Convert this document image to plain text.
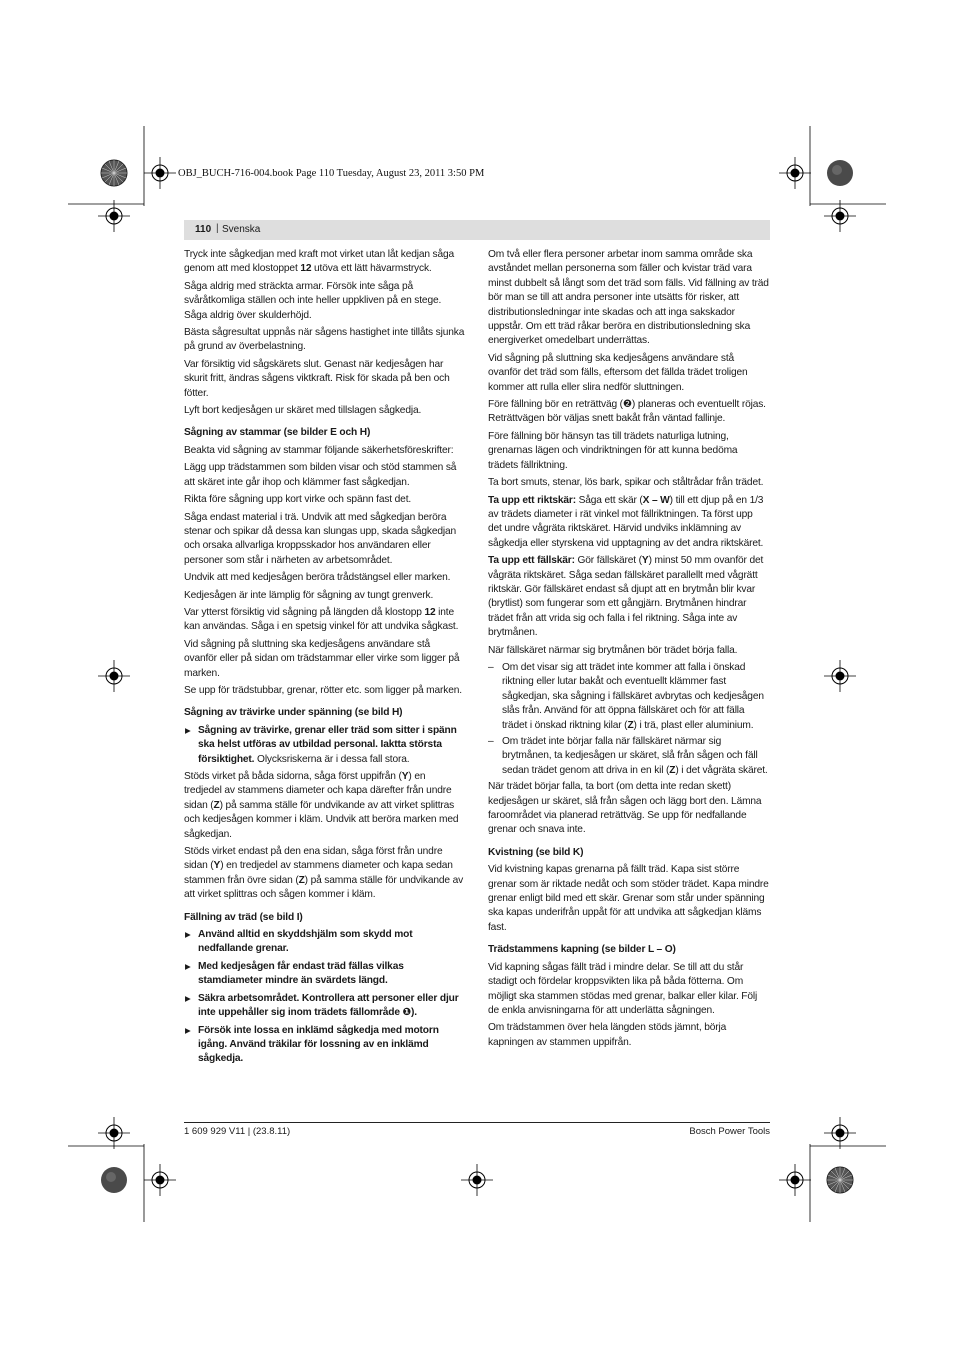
OBJ_BUCH-716-004.book Page 110 Tuesday, August 23, 2011 3:50 PM
110 | Svenska

Tryck inte sågkedjan med kraft mot virket utan låt kedjan såga genom att med klostoppet 12 utöva ett lätt hävarmstryck.

Såga aldrig med sträckta armar. Försök inte såga på svåråtkomliga ställen och inte heller uppkliven på en stege. Såga aldrig över skulderhöjd.

Bästa sågresultat uppnås när sågens hastighet inte tillåts sjunka på grund av överbelastning.

Var försiktig vid sågskärets slut. Genast när kedjesågen har skurit fritt, ändras sågens viktkraft. Risk för skada på ben och fötter.

Lyft bort kedjesågen ur skäret med tillslagen sågkedja.

Sågning av stammar (se bilder E och H)

Beakta vid sågning av stammar följande säkerhetsföreskrifter:

Lägg upp trädstammen som bilden visar och stöd stammen så att skäret inte går ihop och klämmer fast sågkedjan.

Rikta före sågning upp kort virke och spänn fast det.

Såga endast material i trä. Undvik att med sågkedjan beröra stenar och spikar då dessa kan slungas upp, skada sågkedjan och orsaka allvarliga kroppsskador hos användaren eller personer som står i närheten av arbetsområdet.

Undvik att med kedjesågen beröra trådstängsel eller marken.

Kedjesågen är inte lämplig för sågning av tungt grenverk.

Var ytterst försiktig vid sågning på längden då klostopp 12 inte kan användas. Såga i en spetsig vinkel för att undvika sågkast.

Vid sågning på sluttning ska kedjesågens användare stå ovanför eller på sidan om trädstammar eller virke som ligger på marken.

Se upp för trädstubbar, grenar, rötter etc. som ligger på marken.

Sågning av trävirke under spänning (se bild H)
▶ Sågning av trävirke, grenar eller träd som sitter i spänn ska helst utföras av utbildad personal. Iaktta största försiktighet. Olycksriskerna är i dessa fall stora.

Stöds virket på båda sidorna, såga först uppifrån (Y) en tredjedel av stammens diameter och kapa därefter från undre sidan (Z) på samma ställe för undvikande av att virket splittras och kedjesågen kommer i kläm. Undvik att beröra marken med sågkedjan.

Stöds virket endast på den ena sidan, såga först från undre sidan (Y) en tredjedel av stammens diameter och kapa sedan stammen från övre sidan (Z) på samma ställe för undvikande av att virket splittras och sågen kommer i kläm.

Fällning av träd (se bild I)
▶ Använd alltid en skyddshjälm som skydd mot nedfallande grenar.
▶ Med kedjesågen får endast träd fällas vilkas stamdiameter mindre än svärdets längd.
▶ Säkra arbetsområdet. Kontrollera att personer eller djur inte uppehåller sig inom trädets fällområde ❶).
▶ Försök inte lossa en inklämd sågkedja med motorn igång. Använd träkilar för lossning av en inklämd sågkedja.

Om två eller flera personer arbetar inom samma område ska avståndet mellan personerna som fäller och kvistar träd vara minst dubbelt så långt som det träd som fälls. Vid fällning av träd bör man se till att andra personer inte utsätts för risker, att distributionsledningar inte skadas och att inga sakskador uppstår. Om ett träd råkar beröra en distributionsledning ska energiverket omedelbart underrättas.

Vid sågning på sluttning ska kedjesågens användare stå ovanför det träd som fälls, eftersom det fällda trädet troligen kommer att rulla eller slira nedför sluttningen.

Före fällning bör en reträttväg (❷) planeras och eventuellt röjas. Reträttvägen bör väljas snett bakåt från väntad fallinje.

Före fällning bör hänsyn tas till trädets naturliga lutning, grenarnas lägen och vindriktningen för att kunna bedöma trädets fällriktning.

Ta bort smuts, stenar, lös bark, spikar och ståltrådar från trädet.

Ta upp ett riktskär: Såga ett skär (X – W) till ett djup på en 1/3 av trädets diameter i rät vinkel mot fällriktningen. Ta först upp det undre vågräta riktskäret. Härvid undviks inklämning av sågkedja eller styrskena vid upptagning av det andra riktskäret.

Ta upp ett fällskär: Gör fällskäret (Y) minst 50 mm ovanför det vågräta riktskäret. Såga sedan fällskäret parallellt med vågrätt riktskär. Gör fällskäret endast så djupt att en brytmån blir kvar (brytlist) som fungerar som ett gångjärn. Brytmånen hindrar trädet från att vrida sig och falla i fel riktning. Såga inte av brytmånen.

När fällskäret närmar sig brytmånen bör trädet börja falla.

– Om det visar sig att trädet inte kommer att falla i önskad riktning eller lutar bakåt och eventuellt klämmer fast sågkedjan, ska sågning i fällskäret avbrytas och kedjesågen slås från. Använd för att öppna fällskäret och för att fälla trädet i önskad riktning kilar (Z) i trä, plast eller aluminium.
– Om trädet inte börjar falla när fällskäret närmar sig brytmånen, ta kedjesågen ur skäret, slå från sågen och fäll sedan trädet genom att driva in en kil (Z) i det vågräta skäret.

När trädet börjar falla, ta bort (om detta inte redan skett) kedjesågen ur skäret, slå från sågen och lägg bort den. Lämna faroområdet via planerad reträttväg. Se upp för nedfallande grenar och snava inte.

Kvistning (se bild K)

Vid kvistning kapas grenarna på fällt träd. Kapa sist större grenar som är riktade nedåt och som stöder trädet. Kapa mindre grenar enligt bild med ett skär. Grenar som står under spänning ska kapas underifrån uppåt för att undvika att sågkedjan kläms fast.

Trädstammens kapning (se bilder L – O)

Vid kapning sågas fällt träd i mindre delar. Se till att du står stadigt och fördelar kroppsvikten lika på båda fötterna. Om möjligt ska stammen stödas med grenar, balkar eller kilar. Följ de enkla anvisningarna för att underlätta sågningen.

Om trädstammen över hela längden stöds jämnt, börja kapningen av stammen uppifrån.

1 609 929 V11 | (23.8.11)	Bosch Power Tools
